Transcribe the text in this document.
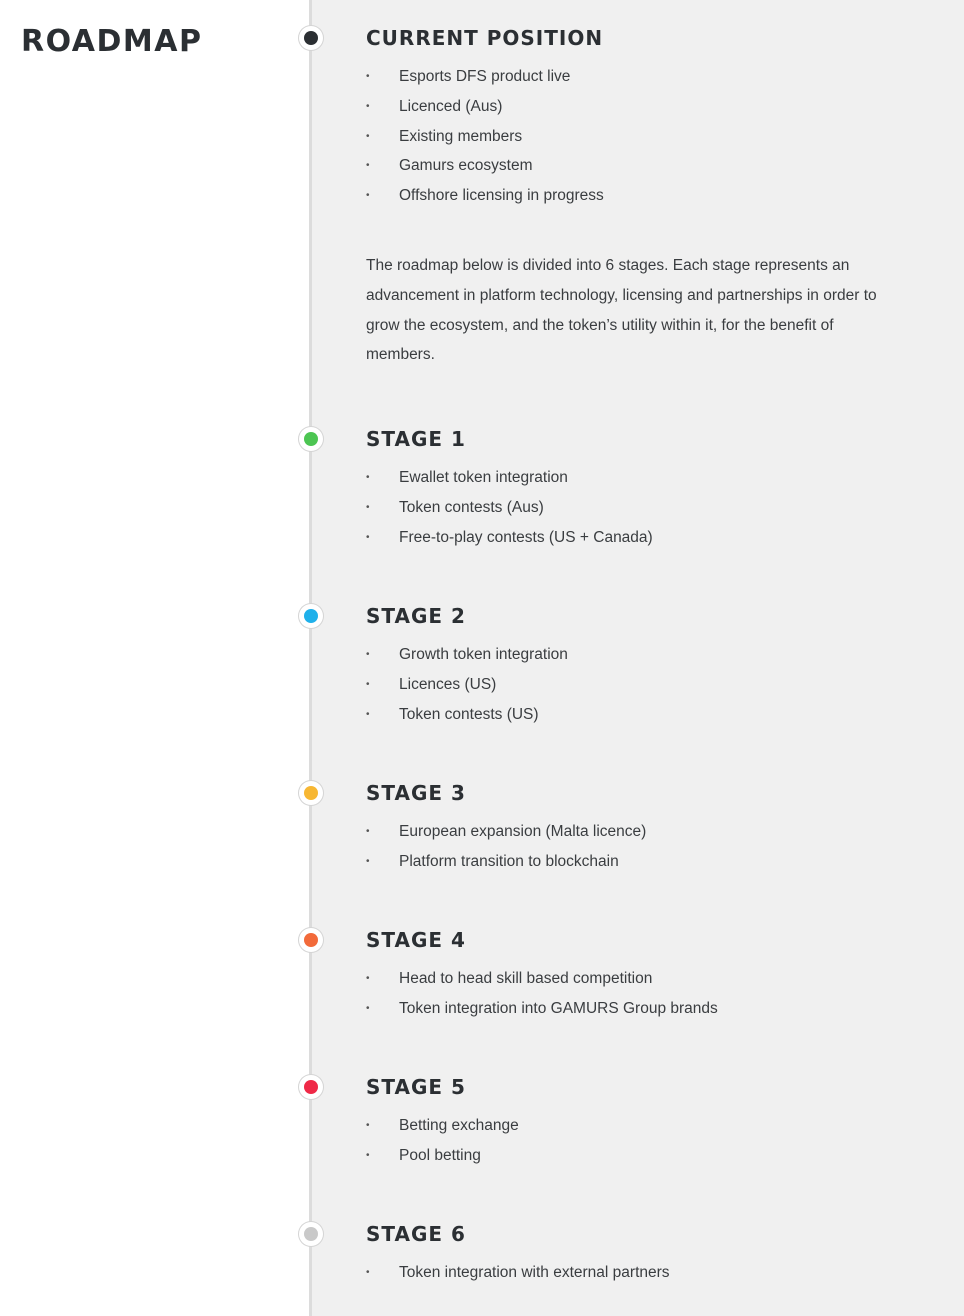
ROADMAP	CURRENT POSITION
• Esports DFS product live
• Licenced (Aus)
• Existing members
• Gamurs ecosystem
• Offshore licensing in progress

The roadmap below is divided into 6 stages. Each stage represents an advancement in platform technology, licensing and partnerships in order to grow the ecosystem, and the token’s utility within it, for the benefit of members.

STAGE 1
• Ewallet token integration
• Token contests (Aus)
• Free-to-play contests (US + Canada)
STAGE 2
• Growth token integration
• Licences (US)
• Token contests (US)
STAGE 3
• European expansion (Malta licence)
• Platform transition to blockchain
STAGE 4
• Head to head skill based competition
• Token integration into GAMURS Group brands
STAGE 5
• Betting exchange
• Pool betting
STAGE 6
• Token integration with external partners
